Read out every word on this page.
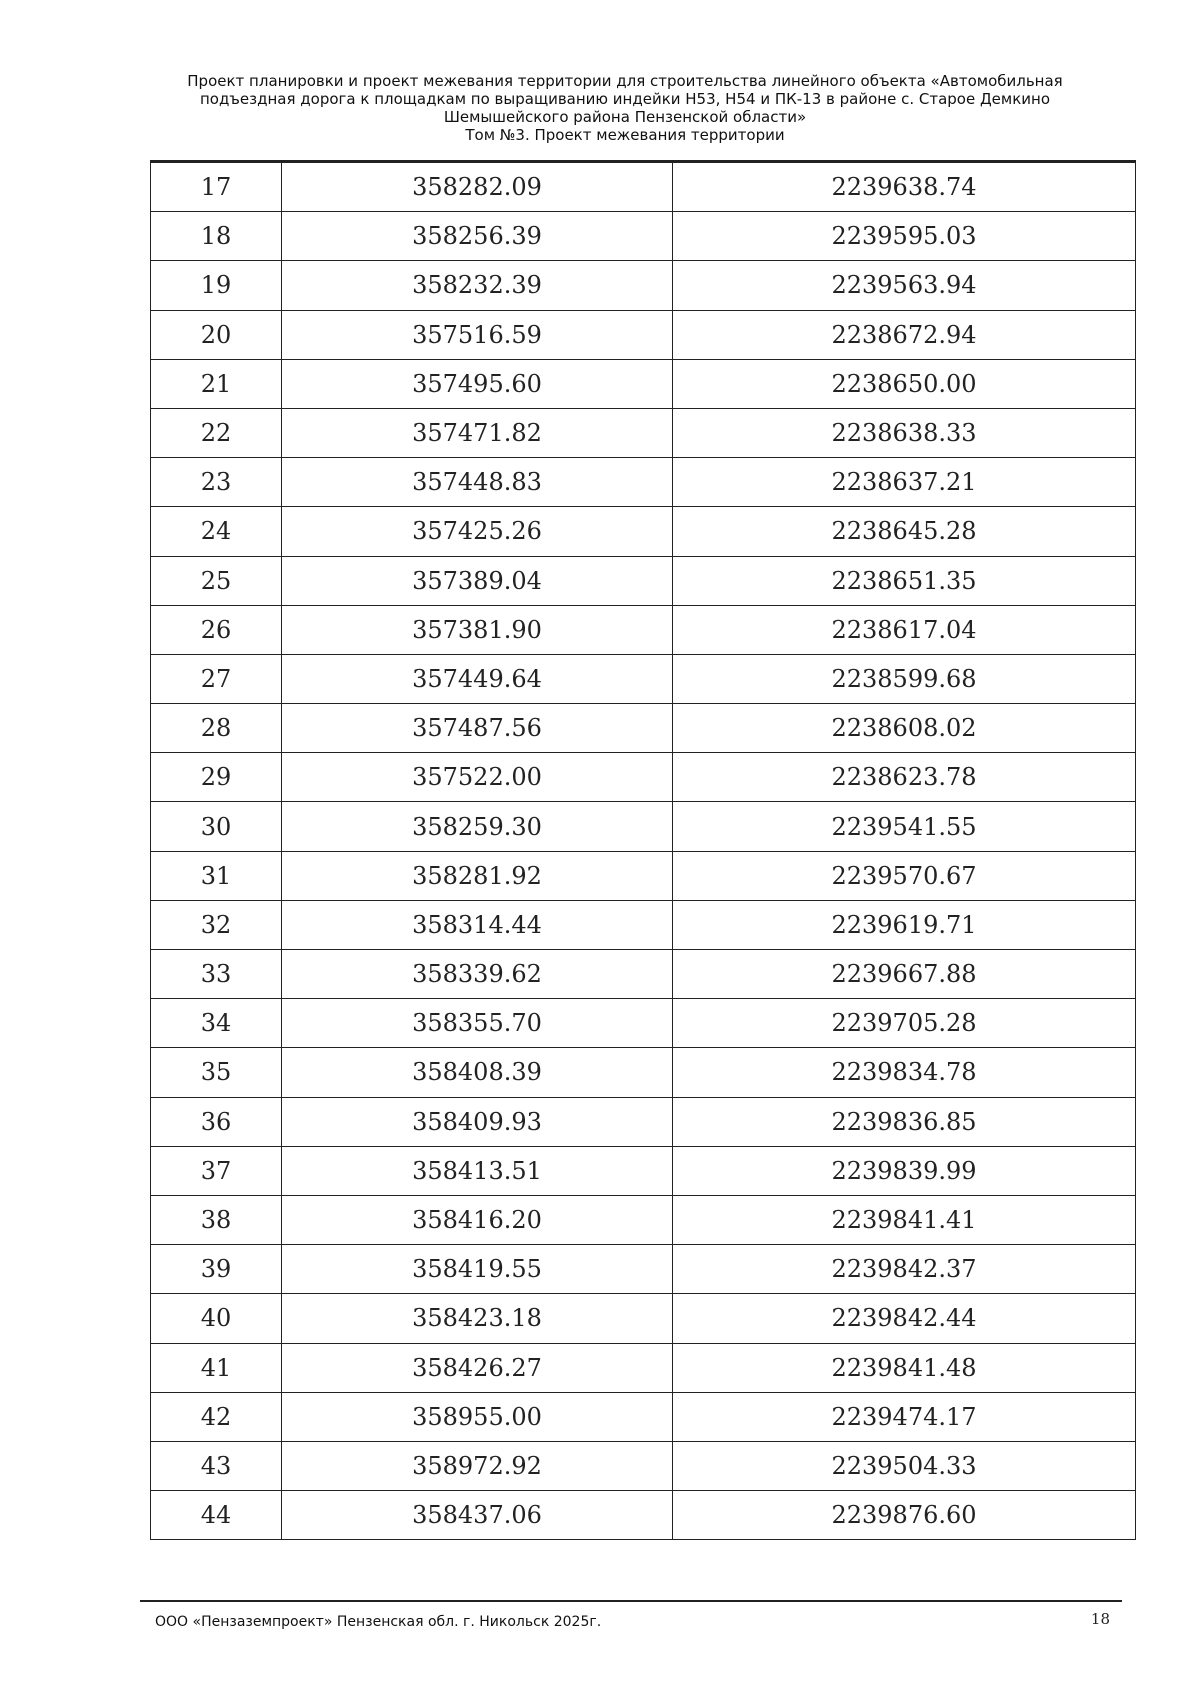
Проект планировки и проект межевания территории для строительства линейного объекта «Автомобильная
подъездная дорога к площадкам по выращиванию индейки Н53, Н54 и ПК-13 в районе с. Старое Демкино
Шемышейского района Пензенской области»
Том №3. Проект межевания территории
17	358282.09	2239638.74
18	358256.39	2239595.03
19	358232.39	2239563.94
20	357516.59	2238672.94
21	357495.60	2238650.00
22	357471.82	2238638.33
23	357448.83	2238637.21
24	357425.26	2238645.28
25	357389.04	2238651.35
26	357381.90	2238617.04
27	357449.64	2238599.68
28	357487.56	2238608.02
29	357522.00	2238623.78
30	358259.30	2239541.55
31	358281.92	2239570.67
32	358314.44	2239619.71
33	358339.62	2239667.88
34	358355.70	2239705.28
35	358408.39	2239834.78
36	358409.93	2239836.85
37	358413.51	2239839.99
38	358416.20	2239841.41
39	358419.55	2239842.37
40	358423.18	2239842.44
41	358426.27	2239841.48
42	358955.00	2239474.17
43	358972.92	2239504.33
44	358437.06	2239876.60
ООО «Пензаземпроект» Пензенская обл. г. Никольск 2025г.	18
